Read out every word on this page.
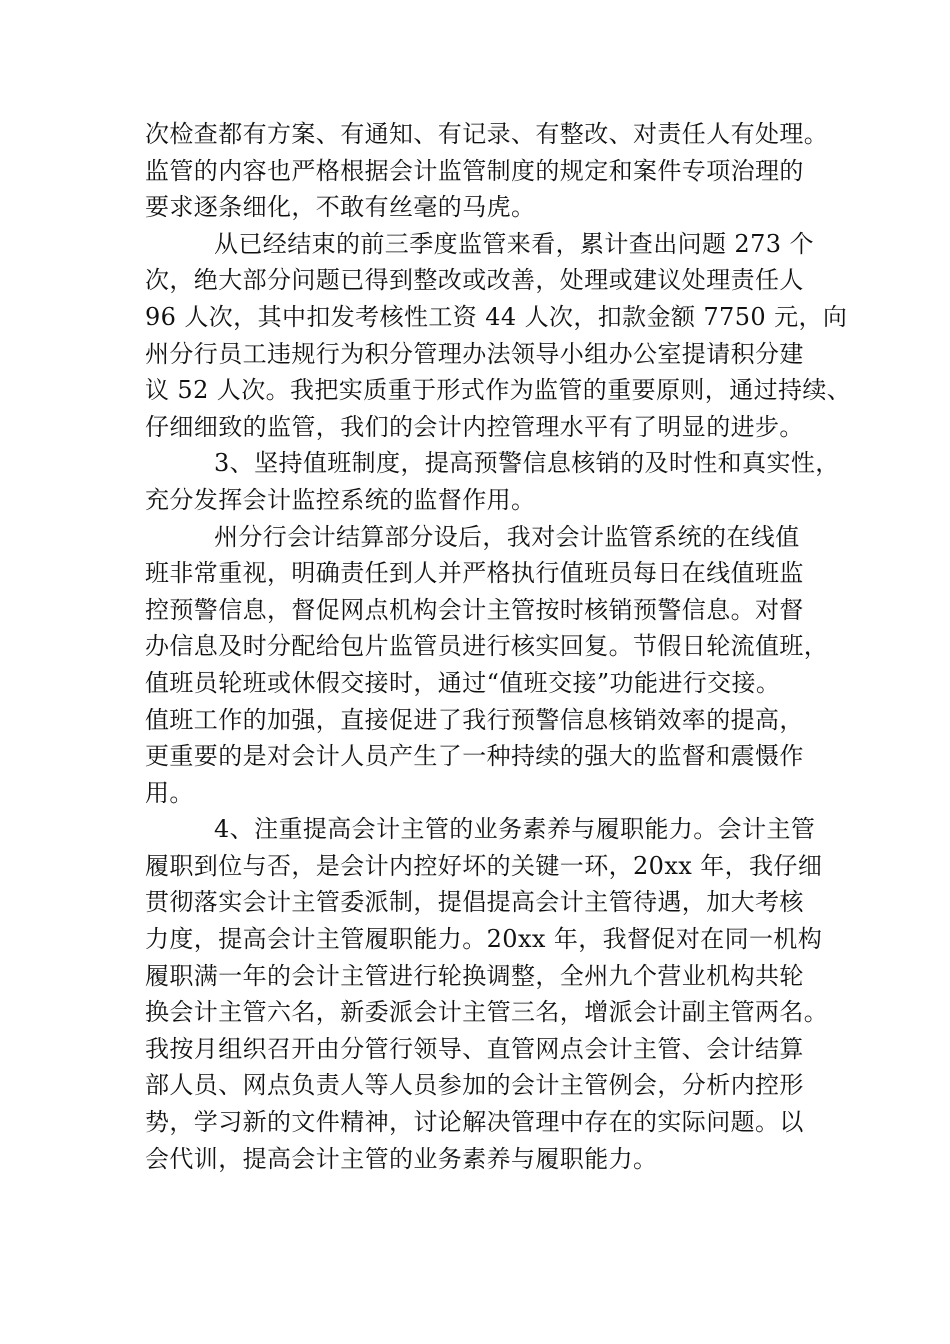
次检查都有方案、有通知、有记录、有整改、对责任人有处理。
监管的内容也严格根据会计监管制度的规定和案件专项治理的
要求逐条细化，不敢有丝毫的马虎。
从已经结束的前三季度监管来看，累计查出问题 273 个
次，绝大部分问题已得到整改或改善，处理或建议处理责任人
96 人次，其中扣发考核性工资 44 人次，扣款金额 7750 元，向
州分行员工违规行为积分管理办法领导小组办公室提请积分建
议 52 人次。我把实质重于形式作为监管的重要原则，通过持续、
仔细细致的监管，我们的会计内控管理水平有了明显的进步。
3、坚持值班制度，提高预警信息核销的及时性和真实性，
充分发挥会计监控系统的监督作用。
州分行会计结算部分设后，我对会计监管系统的在线值
班非常重视，明确责任到人并严格执行值班员每日在线值班监
控预警信息，督促网点机构会计主管按时核销预警信息。对督
办信息及时分配给包片监管员进行核实回复。节假日轮流值班，
值班员轮班或休假交接时，通过“值班交接”功能进行交接。
值班工作的加强，直接促进了我行预警信息核销效率的提高，
更重要的是对会计人员产生了一种持续的强大的监督和震慑作
用。
4、注重提高会计主管的业务素养与履职能力。会计主管
履职到位与否，是会计内控好坏的关键一环，20xx 年，我仔细
贯彻落实会计主管委派制，提倡提高会计主管待遇，加大考核
力度，提高会计主管履职能力。20xx 年，我督促对在同一机构
履职满一年的会计主管进行轮换调整，全州九个营业机构共轮
换会计主管六名，新委派会计主管三名，增派会计副主管两名。
我按月组织召开由分管行领导、直管网点会计主管、会计结算
部人员、网点负责人等人员参加的会计主管例会，分析内控形
势，学习新的文件精神，讨论解决管理中存在的实际问题。以
会代训，提高会计主管的业务素养与履职能力。
